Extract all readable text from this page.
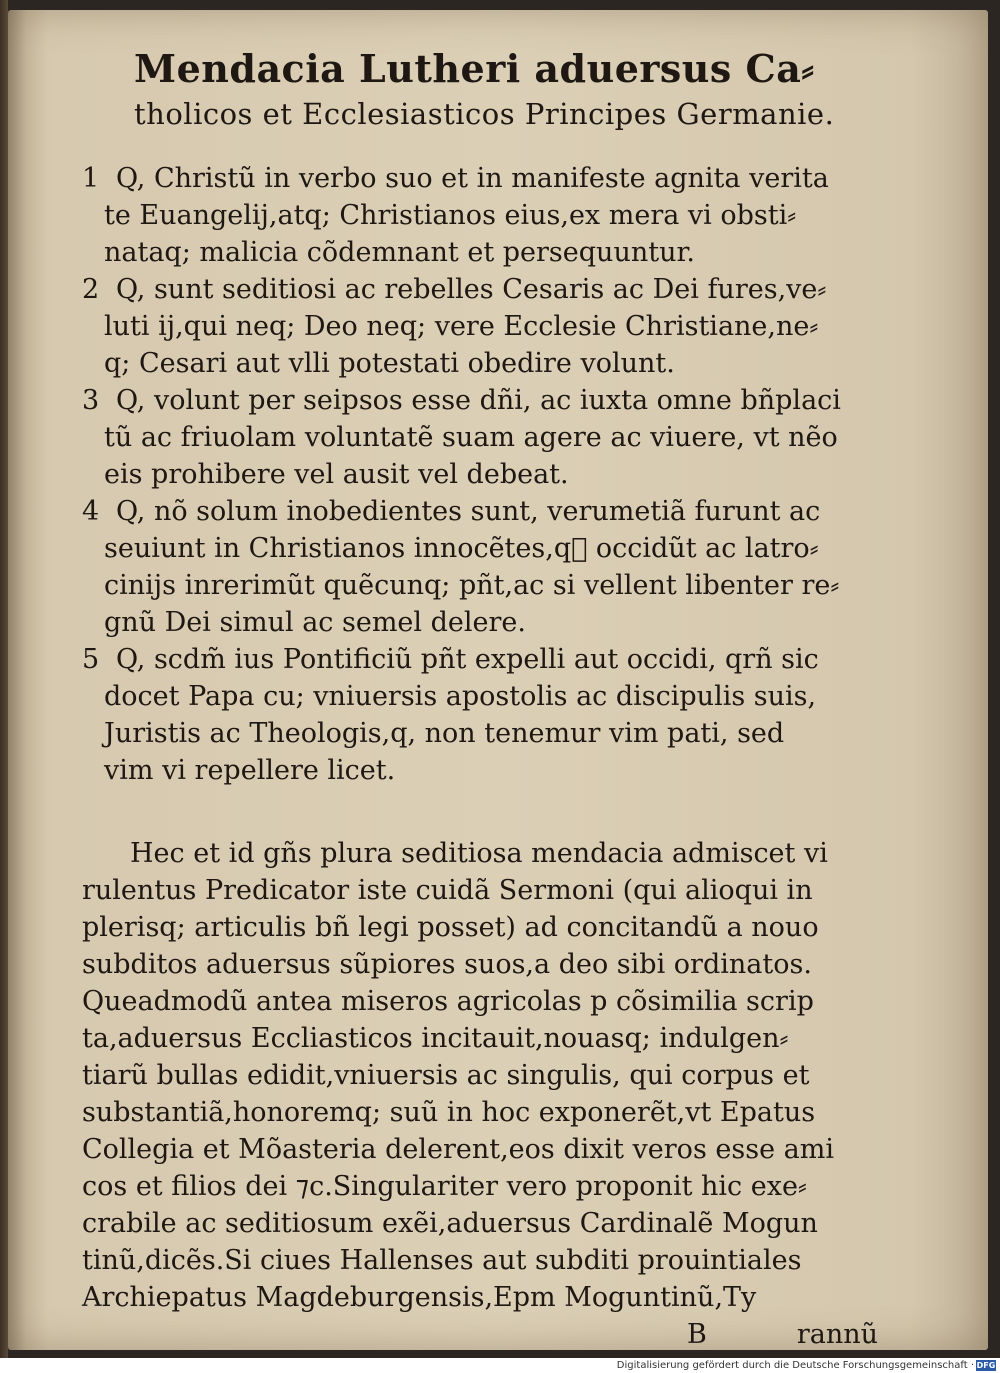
Mendacia Lutheri aduersus Ca⸗
tholicos et Ecclesiasticos Principes Germanie.
1 Q, Christũ in verbo suo et in manifeste agnita verita
te Euangelij,atq; Christianos eius,ex mera vi obsti⸗
nataq; malicia cõdemnant et persequuntur.
2 Q, sunt seditiosi ac rebelles Cesaris ac Dei fures,ve⸗
luti ij,qui neq; Deo neq; vere Ecclesie Christiane,ne⸗
q; Cesari aut vlli potestati obedire volunt.
3 Q, volunt per seipsos esse dñi, ac iuxta omne bñplaci
tũ ac friuolam voluntatẽ suam agere ac viuere, vt nẽo
eis prohibere vel ausit vel debeat.
4 Q, nõ solum inobedientes sunt, verumetiã furunt ac
seuiunt in Christianos innocẽtes,q᷑ occidũt ac latro⸗
cinijs inrerimũt quẽcunq; pñt,ac si vellent libenter re⸗
gnũ Dei simul ac semel delere.
5 Q, scdm̃ ius Pontificiũ pñt expelli aut occidi, qrñ sic
docet Papa cu; vniuersis apostolis ac discipulis suis,
Juristis ac Theologis,q, non tenemur vim pati, sed
vim vi repellere licet.
Hec et id gñs plura seditiosa mendacia admiscet vi
rulentus Predicator iste cuidã Sermoni (qui alioqui in
plerisq; articulis bñ legi posset) ad concitandũ a nouo
subditos aduersus sũpiores suos,a deo sibi ordinatos.
Queadmodũ antea miseros agricolas p cõsimilia scrip
ta,aduersus Eccliasticos incitauit,nouasq; indulgen⸗
tiarũ bullas edidit,vniuersis ac singulis, qui corpus et
substantiã,honoremq; suũ in hoc exponerẽt,vt Epatus
Collegia et Mõasteria delerent,eos dixit veros esse ami
cos et filios dei ⁊c.Singulariter vero proponit hic exe⸗
crabile ac seditiosum exẽi,aduersus Cardinalẽ Mogun
tinũ,dicẽs.Si ciues Hallenses aut subditi prouintiales
Archiepatus Magdeburgensis,Epm Moguntinũ,Ty
B	rannũ
Digitalisierung gefördert durch die Deutsche Forschungsgemeinschaft · DFG
